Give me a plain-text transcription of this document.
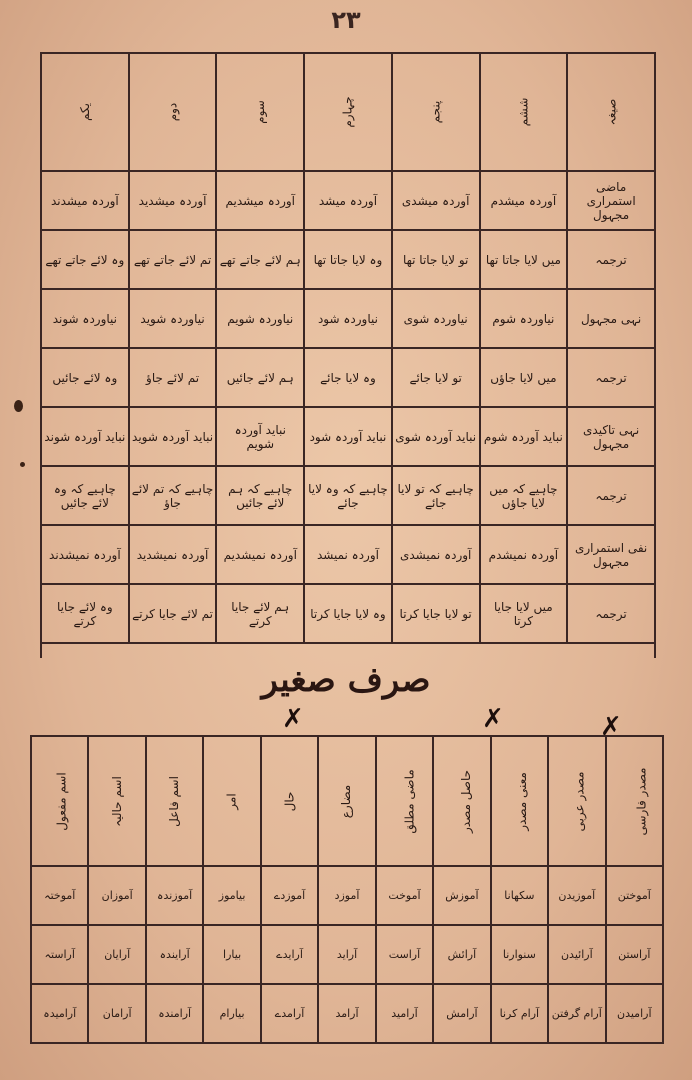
۲۳
یکم	دوم	سوم	چہارم	پنجم	ششم	صیغہ
آوردہ میشدند	آوردہ میشدید	آوردہ میشدیم	آوردہ میشد	آوردہ میشدی	آوردہ میشدم	ماضی استمراری مجہول
وہ لائے جاتے تھے	تم لائے جاتے تھے	ہم لائے جاتے تھے	وہ لایا جاتا تھا	تو لایا جاتا تھا	میں لایا جاتا تھا	ترجمہ
نیاوردہ شوند	نیاوردہ شوید	نیاوردہ شویم	نیاوردہ شود	نیاوردہ شوی	نیاوردہ شوم	نہی مجہول
وہ لائے جائیں	تم لائے جاؤ	ہم لائے جائیں	وہ لایا جائے	تو لایا جائے	میں لایا جاؤں	ترجمہ
نباید آوردہ شوند	نباید آوردہ شوید	نباید آوردہ شویم	نباید آوردہ شود	نباید آوردہ شوی	نباید آوردہ شوم	نہی تاکیدی مجہول
چاہیے کہ وہ لائے جائیں	چاہیے کہ تم لائے جاؤ	چاہیے کہ ہم لائے جائیں	چاہیے کہ وہ لایا جائے	چاہیے کہ تو لایا جائے	چاہیے کہ میں لایا جاؤں	ترجمہ
آوردہ نمیشدند	آوردہ نمیشدید	آوردہ نمیشدیم	آوردہ نمیشد	آوردہ نمیشدی	آوردہ نمیشدم	نفی استمراری مجہول
وہ لائے جایا کرتے	تم لائے جایا کرتے	ہم لائے جایا کرتے	وہ لایا جایا کرتا	تو لایا جایا کرتا	میں لایا جایا کرتا	ترجمہ

صرف صغیر
✗	✗	✗
اسم مفعول	اسم حالیہ	اسم فاعل	امر	حال	مضارع	ماضی مطلق	حاصل مصدر	معنی مصدر	مصدر عربی	مصدر فارسی
آموختہ	آموزان	آموزندہ	بیاموز	آموزدے	آموزد	آموخت	آموزش	سکھانا	آموزیدن	آموختن
آراستہ	آرایان	آرایندہ	بیارا	آرایدے	آراید	آراست	آرائش	سنوارنا	آرائیدن	آراستن
آرامیدہ	آرامان	آرامندہ	بیارام	آرامدے	آرامد	آرامید	آرامش	آرام کرنا	آرام گرفتن	آرامیدن
